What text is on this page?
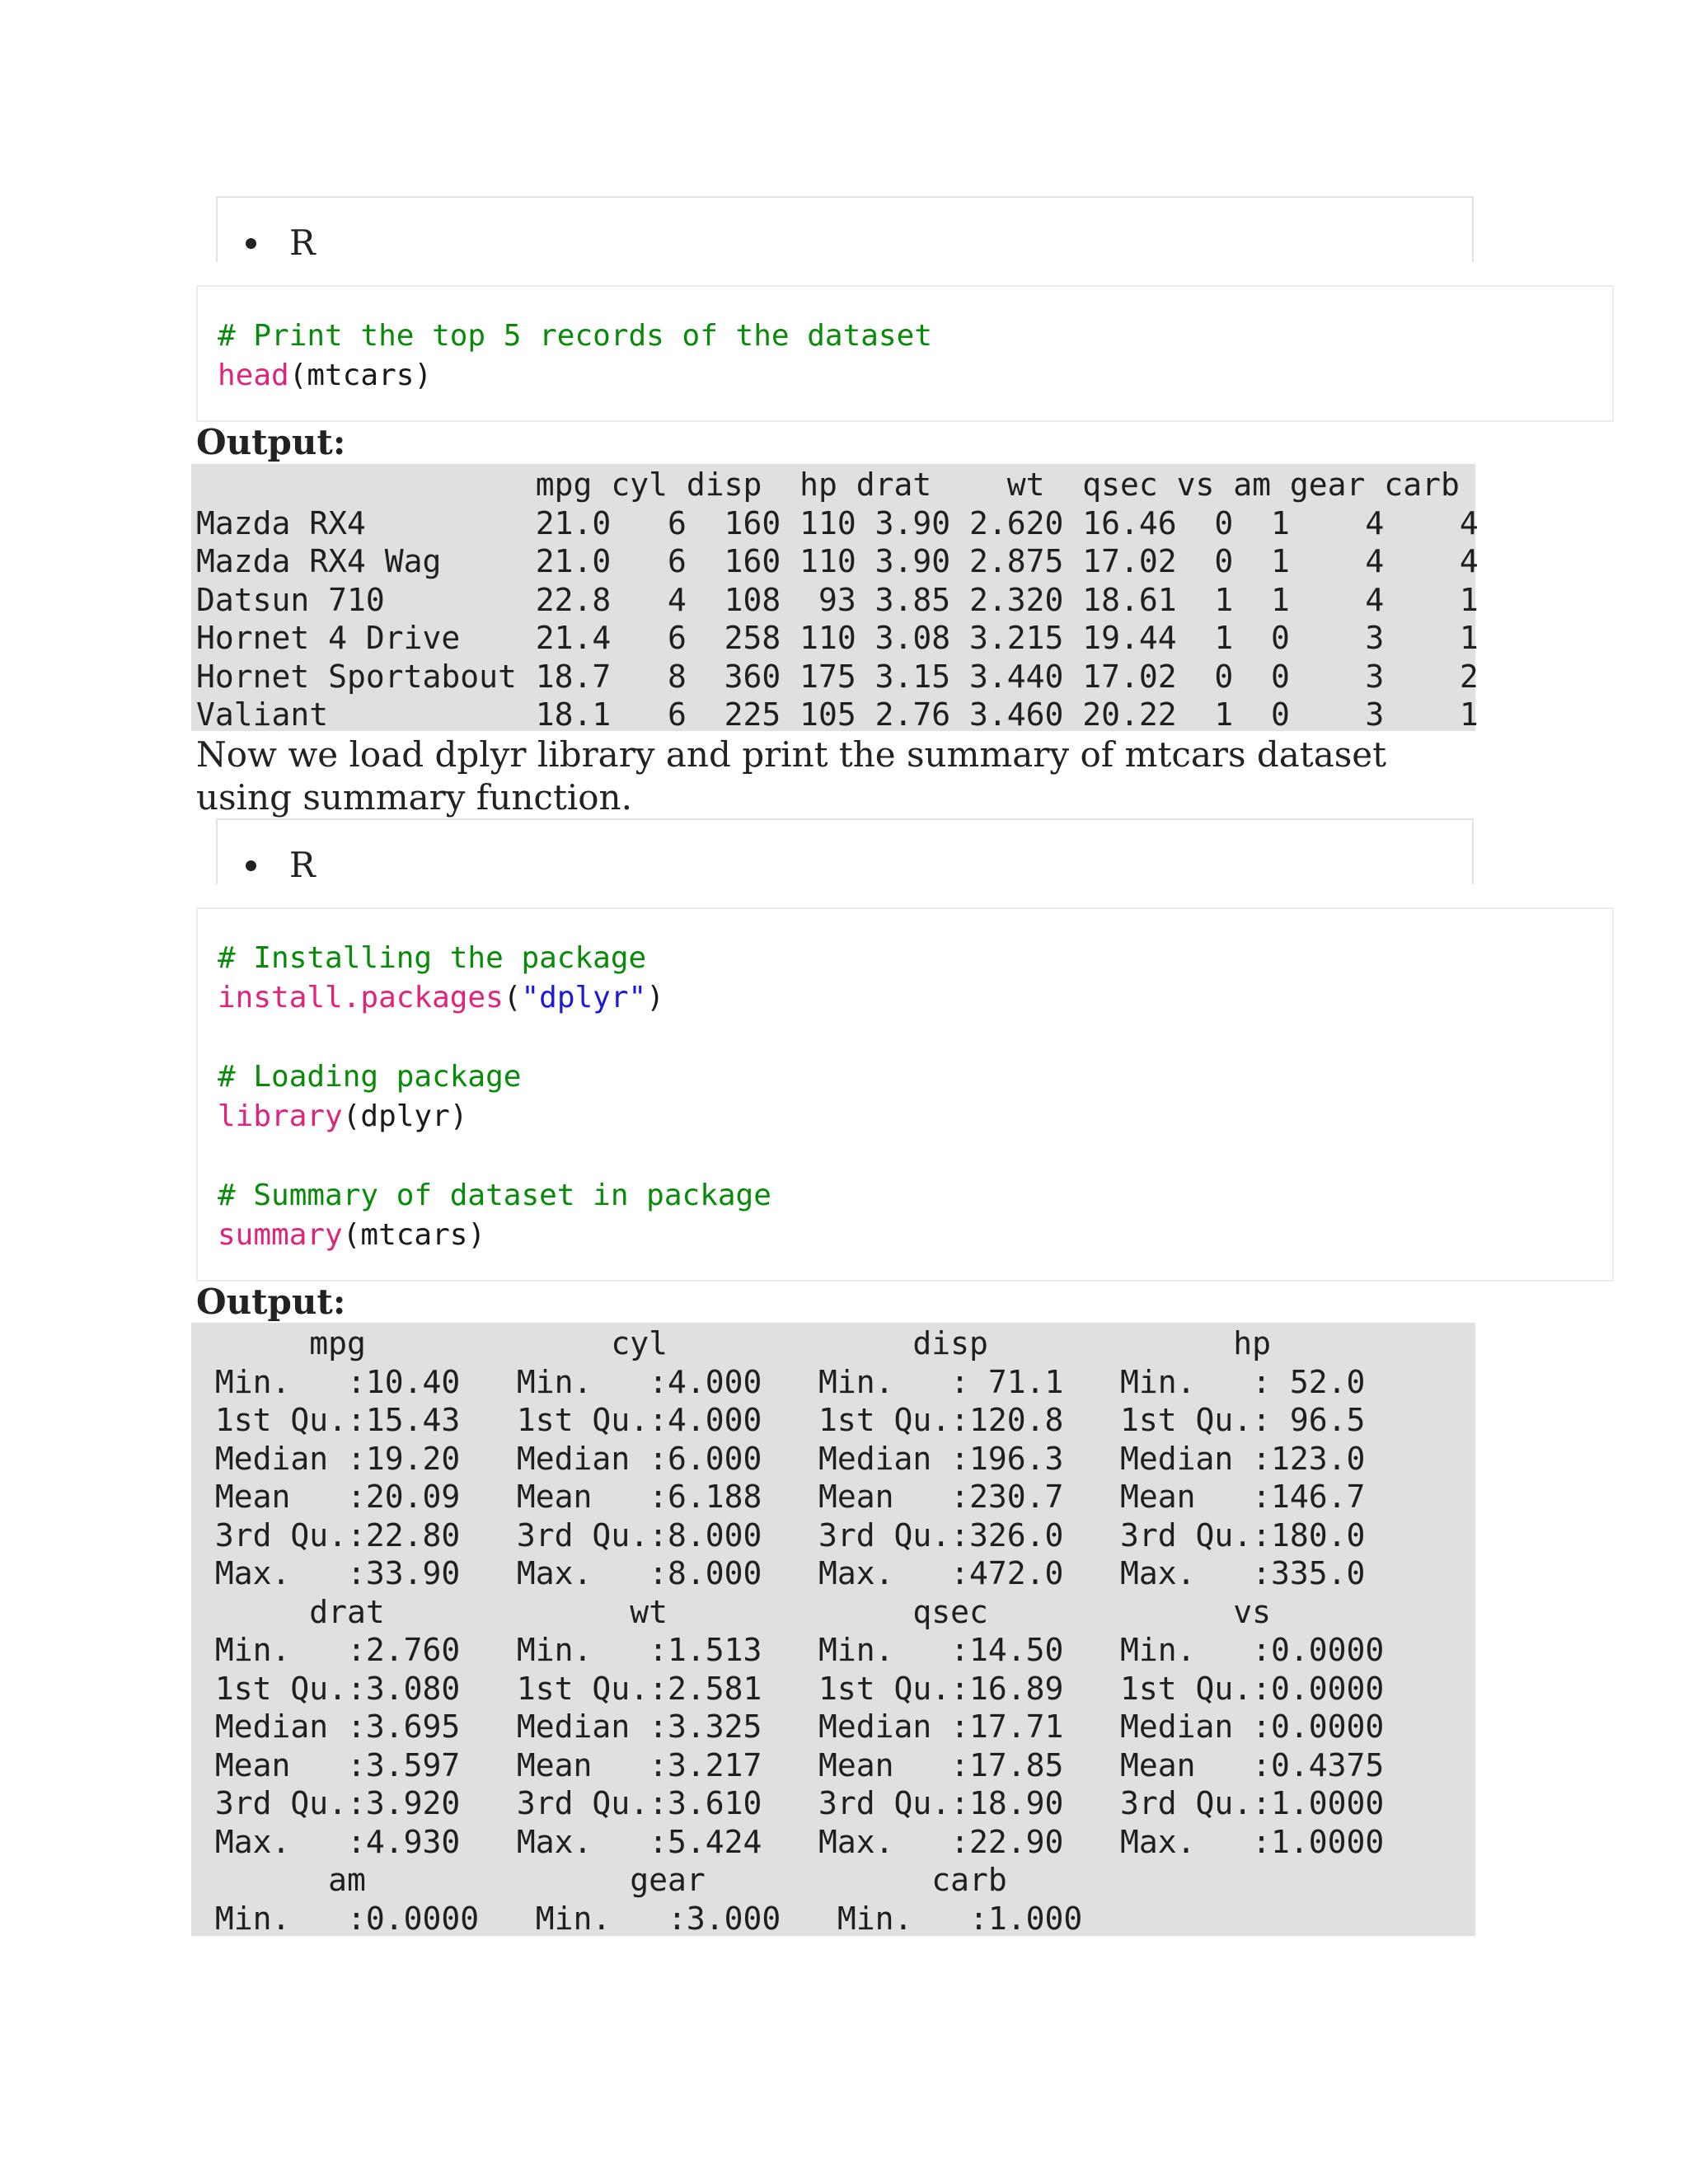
R
# Print the top 5 records of the dataset
head(mtcars)
Output:
mpg cyl disp  hp drat    wt  qsec vs am gear carb
Mazda RX4         21.0   6  160 110 3.90 2.620 16.46  0  1    4    4
Mazda RX4 Wag     21.0   6  160 110 3.90 2.875 17.02  0  1    4    4
Datsun 710        22.8   4  108  93 3.85 2.320 18.61  1  1    4    1
Hornet 4 Drive    21.4   6  258 110 3.08 3.215 19.44  1  0    3    1
Hornet Sportabout 18.7   8  360 175 3.15 3.440 17.02  0  0    3    2
Valiant           18.1   6  225 105 2.76 3.460 20.22  1  0    3    1
Now we load dplyr library and print the summary of mtcars dataset using summary function.
R
# Installing the package
install.packages("dplyr")

# Loading package
library(dplyr)

# Summary of dataset in package
summary(mtcars)
Output:
mpg             cyl             disp             hp
Min.   :10.40   Min.   :4.000   Min.   : 71.1   Min.   : 52.0
1st Qu.:15.43   1st Qu.:4.000   1st Qu.:120.8   1st Qu.: 96.5
Median :19.20   Median :6.000   Median :196.3   Median :123.0
Mean   :20.09   Mean   :6.188   Mean   :230.7   Mean   :146.7
3rd Qu.:22.80   3rd Qu.:8.000   3rd Qu.:326.0   3rd Qu.:180.0
Max.   :33.90   Max.   :8.000   Max.   :472.0   Max.   :335.0
drat             wt             qsec             vs
Min.   :2.760   Min.   :1.513   Min.   :14.50   Min.   :0.0000
1st Qu.:3.080   1st Qu.:2.581   1st Qu.:16.89   1st Qu.:0.0000
Median :3.695   Median :3.325   Median :17.71   Median :0.0000
Mean   :3.597   Mean   :3.217   Mean   :17.85   Mean   :0.4375
3rd Qu.:3.920   3rd Qu.:3.610   3rd Qu.:18.90   3rd Qu.:1.0000
Max.   :4.930   Max.   :5.424   Max.   :22.90   Max.   :1.0000
am              gear            carb
Min.   :0.0000   Min.   :3.000   Min.   :1.000
